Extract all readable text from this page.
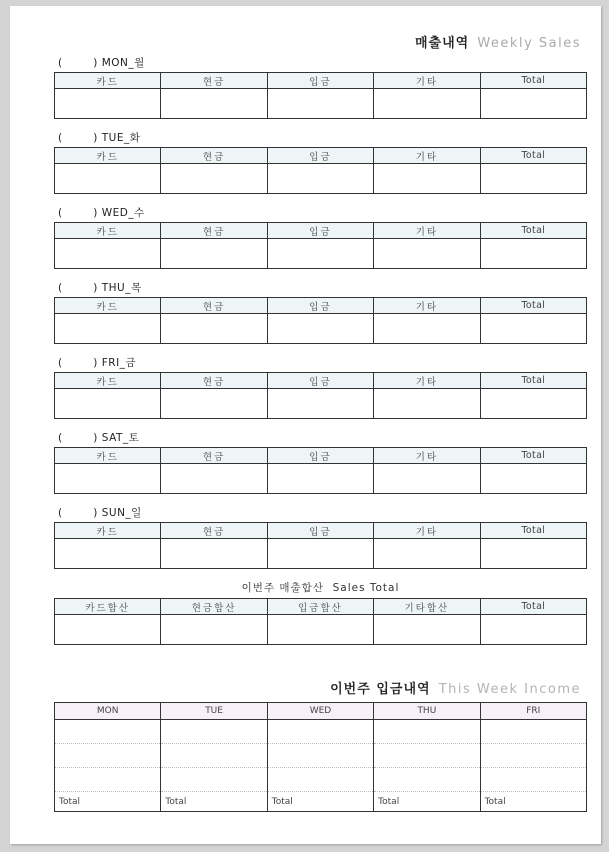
매출내역 Weekly Sales
(        ) MON_월
카드	현금	입금	기타	Total

(        ) TUE_화
카드	현금	입금	기타	Total

(        ) WED_수
카드	현금	입금	기타	Total

(        ) THU_목
카드	현금	입금	기타	Total

(        ) FRI_금
카드	현금	입금	기타	Total

(        ) SAT_토
카드	현금	입금	기타	Total

(        ) SUN_일
카드	현금	입금	기타	Total

이번주 매출합산  Sales Total
카드합산	현금합산	입금합산	기타합산	Total

이번주 입금내역 This Week Income
MON	TUE	WED	THU	FRI

Total	Total	Total	Total	Total
